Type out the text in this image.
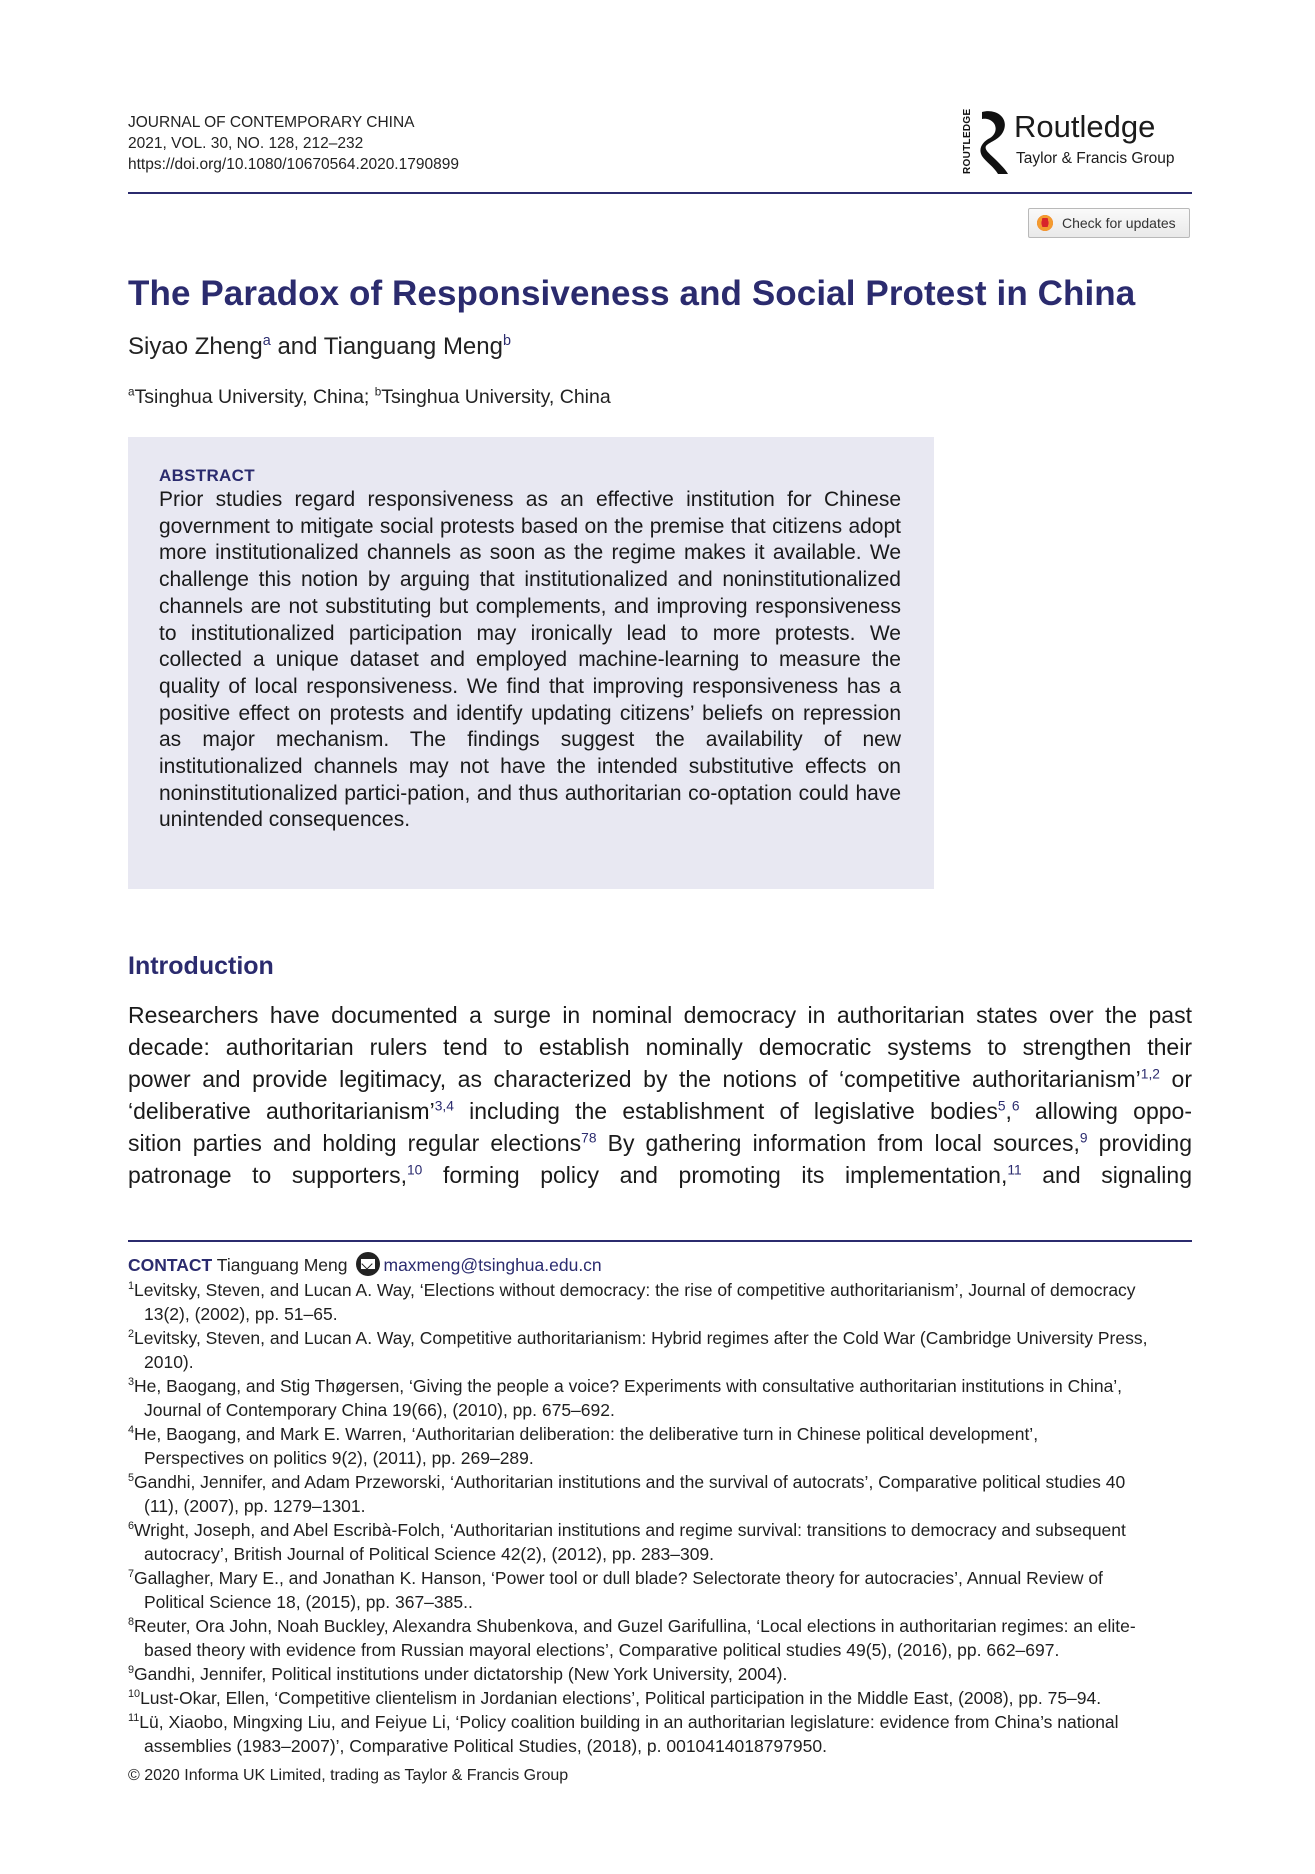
JOURNAL OF CONTEMPORARY CHINA
2021, VOL. 30, NO. 128, 212–232
https://doi.org/10.1080/10670564.2020.1790899	ROUTLEDGE Routledge
Taylor & Francis Group
Check for updates
The Paradox of Responsiveness and Social Protest in China
Siyao Zheng$^a$ and Tianguang Meng$^b$
$^a$Tsinghua University, China; $^b$Tsinghua University, China
ABSTRACT
Prior studies regard responsiveness as an effective institution for Chinese government to mitigate social protests based on the premise that citizens adopt more institutionalized channels as soon as the regime makes it available. We challenge this notion by arguing that institutionalized and noninstitutionalized channels are not substituting but complements, and improving responsiveness to institutionalized participation may ironically lead to more protests. We collected a unique dataset and employed machine-learning to measure the quality of local responsiveness. We find that improving responsiveness has a positive effect on protests and identify updating citizens’ beliefs on repression as major mechanism. The findings suggest the availability of new institutionalized channels may not have the intended substitutive effects on noninstitutionalized partici-pation, and thus authoritarian co-optation could have unintended consequences.
Introduction
Researchers have documented a surge in nominal democracy in authoritarian states over the past
decade: authoritarian rulers tend to establish nominally democratic systems to strengthen their
power and provide legitimacy, as characterized by the notions of ‘competitive authoritarianism’$^{1,2}$ or
‘deliberative authoritarianism’$^{3,4}$ including the establishment of legislative bodies$^5$,$^6$ allowing oppo-
sition parties and holding regular elections$^{78}$ By gathering information from local sources,$^9$ providing
patronage to supporters,$^{10}$ forming policy and promoting its implementation,$^{11}$ and signaling
CONTACT Tianguang Meng maxmeng@tsinghua.edu.cn
$^1$Levitsky, Steven, and Lucan A. Way, ‘Elections without democracy: the rise of competitive authoritarianism’, Journal of democracy
13(2), (2002), pp. 51–65.
$^2$Levitsky, Steven, and Lucan A. Way, Competitive authoritarianism: Hybrid regimes after the Cold War (Cambridge University Press,
2010).
$^3$He, Baogang, and Stig Thøgersen, ‘Giving the people a voice? Experiments with consultative authoritarian institutions in China’,
Journal of Contemporary China 19(66), (2010), pp. 675–692.
$^4$He, Baogang, and Mark E. Warren, ‘Authoritarian deliberation: the deliberative turn in Chinese political development’,
Perspectives on politics 9(2), (2011), pp. 269–289.
$^5$Gandhi, Jennifer, and Adam Przeworski, ‘Authoritarian institutions and the survival of autocrats’, Comparative political studies 40
(11), (2007), pp. 1279–1301.
$^6$Wright, Joseph, and Abel Escribà-Folch, ‘Authoritarian institutions and regime survival: transitions to democracy and subsequent
autocracy’, British Journal of Political Science 42(2), (2012), pp. 283–309.
$^7$Gallagher, Mary E., and Jonathan K. Hanson, ‘Power tool or dull blade? Selectorate theory for autocracies’, Annual Review of
Political Science 18, (2015), pp. 367–385..
$^8$Reuter, Ora John, Noah Buckley, Alexandra Shubenkova, and Guzel Garifullina, ‘Local elections in authoritarian regimes: an elite-
based theory with evidence from Russian mayoral elections’, Comparative political studies 49(5), (2016), pp. 662–697.
$^9$Gandhi, Jennifer, Political institutions under dictatorship (New York University, 2004).
$^{10}$Lust-Okar, Ellen, ‘Competitive clientelism in Jordanian elections’, Political participation in the Middle East, (2008), pp. 75–94.
$^{11}$Lü, Xiaobo, Mingxing Liu, and Feiyue Li, ‘Policy coalition building in an authoritarian legislature: evidence from China’s national
assemblies (1983–2007)’, Comparative Political Studies, (2018), p. 0010414018797950.
© 2020 Informa UK Limited, trading as Taylor & Francis Group
